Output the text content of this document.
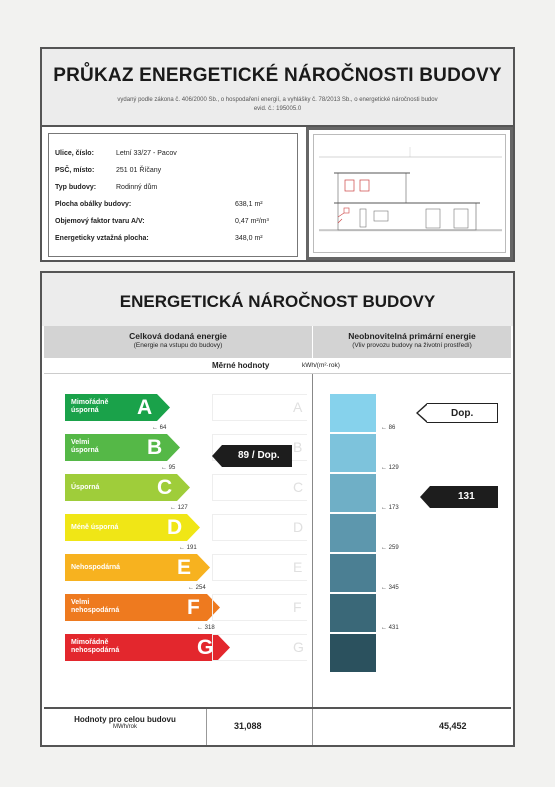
PRŮKAZ ENERGETICKÉ NÁROČNOSTI BUDOVY
vydaný podle zákona č. 406/2000 Sb., o hospodaření energií, a vyhlášky č. 78/2013 Sb., o energetické náročnosti budov
evid. č.: 195005.0
Ulice, číslo:	Letní 33/27 - Pacov
PSČ, místo:	251 01 Říčany
Typ budovy:	Rodinný dům
Plocha obálky budovy:	638,1 m²
Objemový faktor tvaru A/V:	0,47 m²/m³
Energeticky vztažná plocha:	348,0 m²
ENERGETICKÁ NÁROČNOST BUDOVY
Celková dodaná energie
(Energie na vstupu do budovy)
Neobnovitelná primární energie
(Vliv provozu budovy na životní prostředí)
Měrné hodnoty	kWh/(m²·rok)
Mimořádně
úsporná A	A
Velmi
úsporná B	B
Úsporná	C	C
Méně úsporná D	D
Nehospodárná	E	E
Velmi
nehospodárná	F	F
Mimořádně
nehospodárná	G	G
89 / Dop.
← 64
← 95
← 127
← 191
← 254
← 318
Dop.
131
← 86
← 129
← 173
← 259
← 345
← 431
Hodnoty pro celou budovu
MWh/rok	31,088	45,452
